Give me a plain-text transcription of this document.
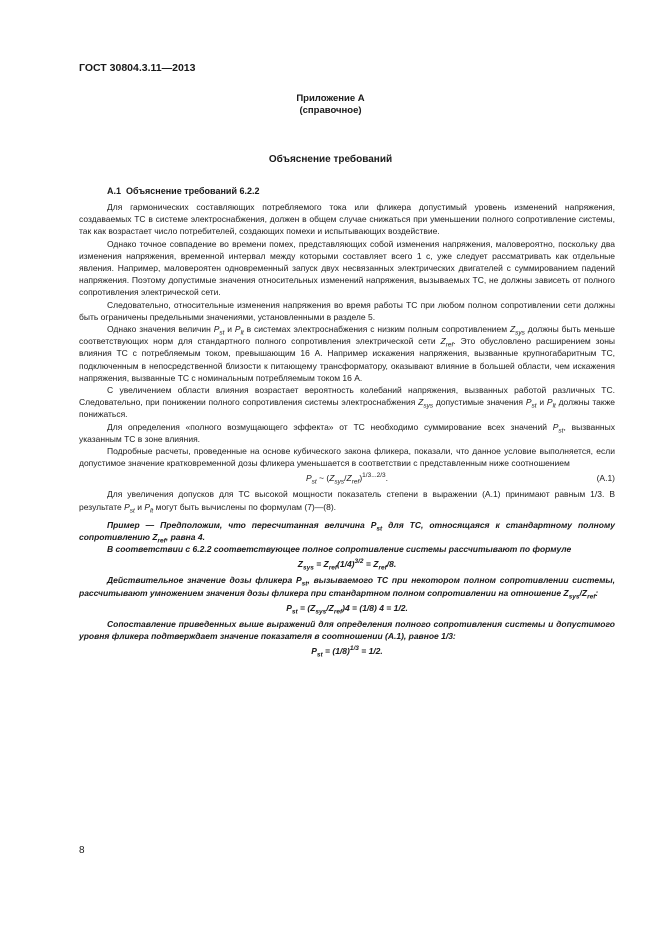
ГОСТ 30804.3.11—2013
Приложение А
(справочное)
Объяснение требований
А.1 Объяснение требований 6.2.2

Для гармонических составляющих потребляемого тока или фликера допустимый уровень изменений напряжения, создаваемых ТС в системе электроснабжения, должен в общем случае снижаться при уменьшении полного сопротивление системы, так как возрастает число потребителей, создающих помехи и испытывающих воздействие.

Однако точное совпадение во времени помех, представляющих собой изменения напряжения, маловероятно, поскольку два изменения напряжения, временной интервал между которыми составляет всего 1 с, уже следует рассматривать как отдельные явления. Например, маловероятен одновременный запуск двух несвязанных электрических двигателей с суммированием падений напряжения. Поэтому допустимые значения относительных изменений напряжения, вызываемых ТС, не должны зависеть от полного сопротивления электрической сети.

Следовательно, относительные изменения напряжения во время работы ТС при любом полном сопротивлении сети должны быть ограничены предельными значениями, установленными в разделе 5.

Однако значения величин $P_{st}$ и $P_{lt}$ в системах электроснабжения с низким полным сопротивлением $Z_{sys}$ должны быть меньше соответствующих норм для стандартного полного сопротивления электрической сети $Z_{ref}$. Это обусловлено расширением зоны влияния ТС с потребляемым током, превышающим 16 А. Например искажения напряжения, вызванные крупногабаритным ТС, подключенным в непосредственной близости к питающему трансформатору, оказывают влияние в большей области, чем искажения напряжения, вызванные ТС с номинальным потребляемым током 16 А.

С увеличением области влияния возрастает вероятность колебаний напряжения, вызванных работой различных ТС. Следовательно, при понижении полного сопротивления системы электроснабжения $Z_{sys}$ допустимые значения $P_{st}$ и $P_{lt}$ должны также понижаться.

Для определения «полного возмущающего эффекта» от ТС необходимо суммирование всех значений $P_{st}$, вызванных указанным ТС в зоне влияния.

Подробные расчеты, проведенные на основе кубического закона фликера, показали, что данное условие выполняется, если допустимое значение кратковременной дозы фликера уменьшается в соответствии с представленным ниже соотношением

$P_{st}$ ~ $(Z_{sys}/Z_{ref})^{1/3...2/3}$.	(А.1)

Для увеличения допусков для ТС высокой мощности показатель степени в выражении (А.1) принимают равным 1/3. В результате $P_{st}$ и $P_{lt}$ могут быть вычислены по формулам (7)—(8).

Пример — Предположим, что пересчитанная величина $P_{st}$ для ТС, относящаяся к стандартному полному сопротивлению $Z_{ref}$, равна 4.

В соответствии с 6.2.2 соответствующее полное сопротивление системы рассчитывают по формуле

$Z_{sys} = Z_{ref}(1/4)^{3/2} = Z_{ref}/8$.

Действительное значение дозы фликера $P_{st}$, вызываемого ТС при некотором полном сопротивлении системы, рассчитывают умножением значения дозы фликера при стандартном полном сопротивлении на отношение $Z_{sys}/Z_{ref}$:

$P_{st} = (Z_{sys}/Z_{ref})4 = (1/8) 4 = 1/2$.

Сопоставление приведенных выше выражений для определения полного сопротивления системы и допустимого уровня фликера подтверждает значение показателя в соотношении (А.1), равное 1/3:

$P_{st} = (1/8)^{1/3} = 1/2$.
8
